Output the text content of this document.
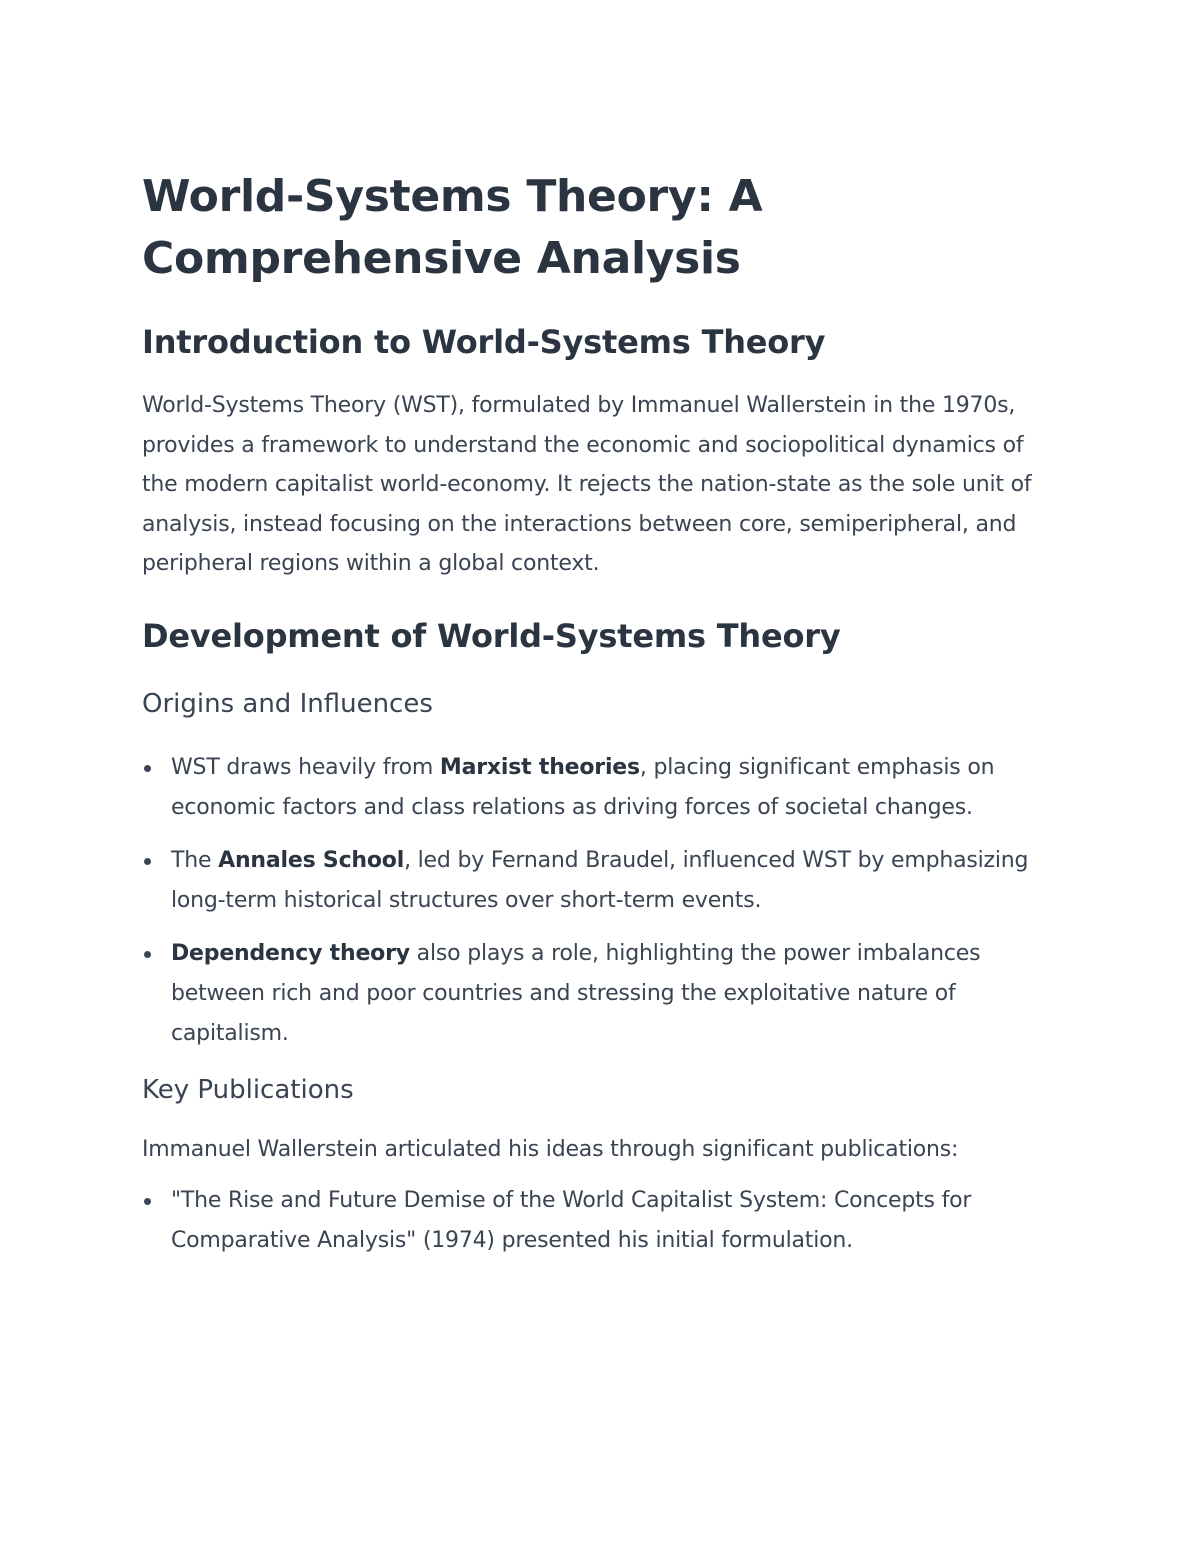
World-Systems Theory: A Comprehensive Analysis
Introduction to World-Systems Theory

World-Systems Theory (WST), formulated by Immanuel Wallerstein in the 1970s, provides a framework to understand the economic and sociopolitical dynamics of the modern capitalist world-economy. It rejects the nation-state as the sole unit of analysis, instead focusing on the interactions between core, semiperipheral, and peripheral regions within a global context.

Development of World-Systems Theory
Origins and Influences
WST draws heavily from Marxist theories, placing significant emphasis on economic factors and class relations as driving forces of societal changes.
The Annales School, led by Fernand Braudel, influenced WST by emphasizing long-term historical structures over short-term events.
Dependency theory also plays a role, highlighting the power imbalances between rich and poor countries and stressing the exploitative nature of capitalism.
Key Publications

Immanuel Wallerstein articulated his ideas through significant publications:

"The Rise and Future Demise of the World Capitalist System: Concepts for Comparative Analysis" (1974) presented his initial formulation.
